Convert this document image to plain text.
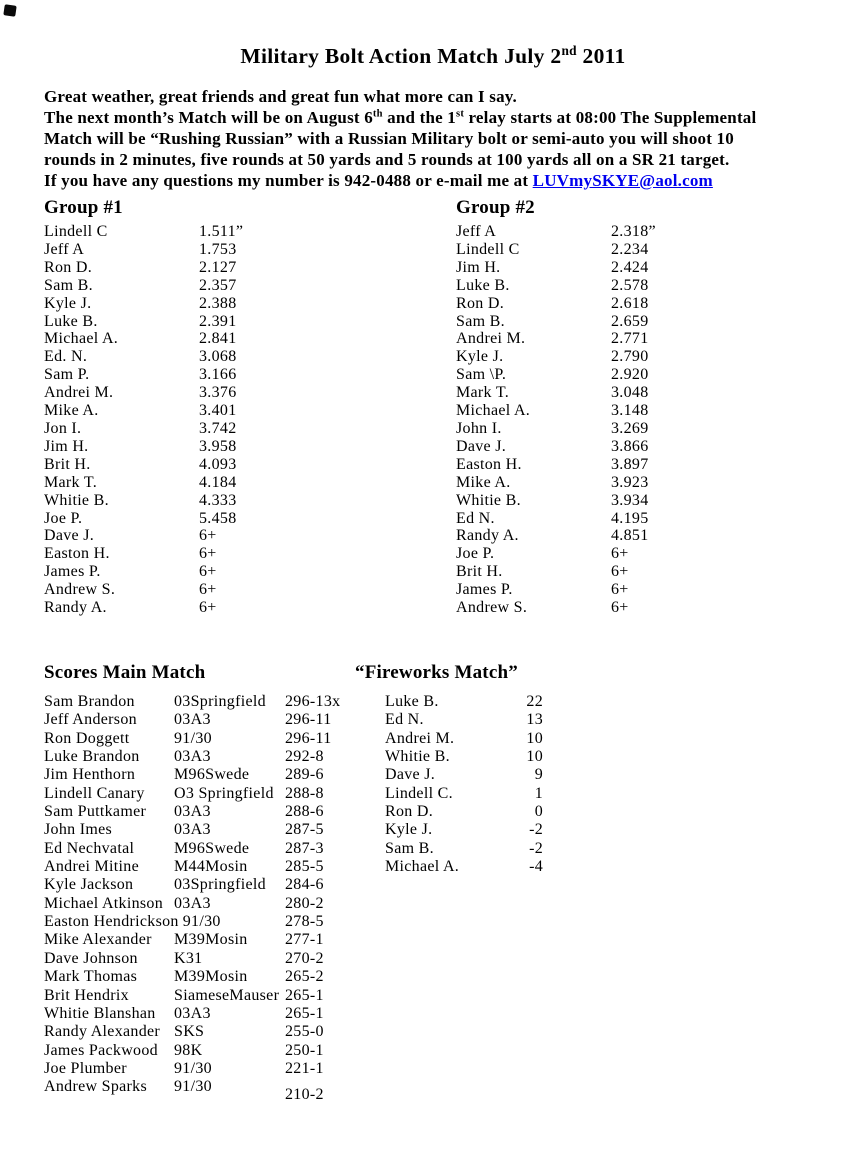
Military Bolt Action Match July 2nd 2011
Great weather, great friends and great fun what more can I say.
The next month’s Match will be on August 6th and the 1st relay starts at 08:00 The Supplemental
Match will be “Rushing Russian” with a Russian Military bolt or semi-auto you will shoot 10
rounds in 2 minutes, five rounds at 50 yards and 5 rounds at 100 yards all on a SR 21 target.
If you have any questions my number is 942-0488 or e-mail me at LUVmySKYE@aol.com
Group #1
Lindell C	1.511”
Jeff A	1.753
Ron D.	2.127
Sam B.	2.357
Kyle J.	2.388
Luke B.	2.391
Michael A.	2.841
Ed. N.	3.068
Sam P.	3.166
Andrei M.	3.376
Mike A.	3.401
Jon I.	3.742
Jim H.	3.958
Brit H.	4.093
Mark T.	4.184
Whitie B.	4.333
Joe P.	5.458
Dave J.	6+
Easton H.	6+
James P.	6+
Andrew S.	6+
Randy A.	6+
Group #2
Jeff A	2.318”
Lindell C	2.234
Jim H.	2.424
Luke B.	2.578
Ron D.	2.618
Sam B.	2.659
Andrei M.	2.771
Kyle J.	2.790
Sam \P.	2.920
Mark T.	3.048
Michael A.	3.148
John I.	3.269
Dave J.	3.866
Easton H.	3.897
Mike A.	3.923
Whitie B.	3.934
Ed N.	4.195
Randy A.	4.851
Joe P.	6+
Brit H.	6+
James P.	6+
Andrew S.	6+
Scores Main Match
Sam Brandon	03Springfield 296-13x
Jeff Anderson	03A3	296-11
Ron Doggett	91/30	296-11
Luke Brandon	03A3	292-8
Jim Henthorn	M96Swede 289-6
Lindell Canary	O3 Springfield 288-8
Sam Puttkamer	03A3	288-6
John Imes	03A3	287-5
Ed Nechvatal	M96Swede 287-3
Andrei Mitine	M44Mosin 285-5
Kyle Jackson	03Springfield 284-6
Michael Atkinson 03A3	280-2
Easton Hendrickson 91/30	278-5
Mike Alexander	M39Mosin 277-1
Dave Johnson	K31	270-2
Mark Thomas	M39Mosin 265-2
Brit Hendrix	SiameseMauser 265-1
Whitie Blanshan	03A3	265-1
Randy Alexander SKS	255-0
James Packwood	98K	250-1
Joe Plumber	91/30	221-1
Andrew Sparks	91/30	210-2
“Fireworks Match”
Luke B.	22
Ed N.	13
Andrei M.	10
Whitie B.	10
Dave J.	9
Lindell C.	1
Ron D.	0
Kyle J.	-2
Sam B.	-2
Michael A.	-4
